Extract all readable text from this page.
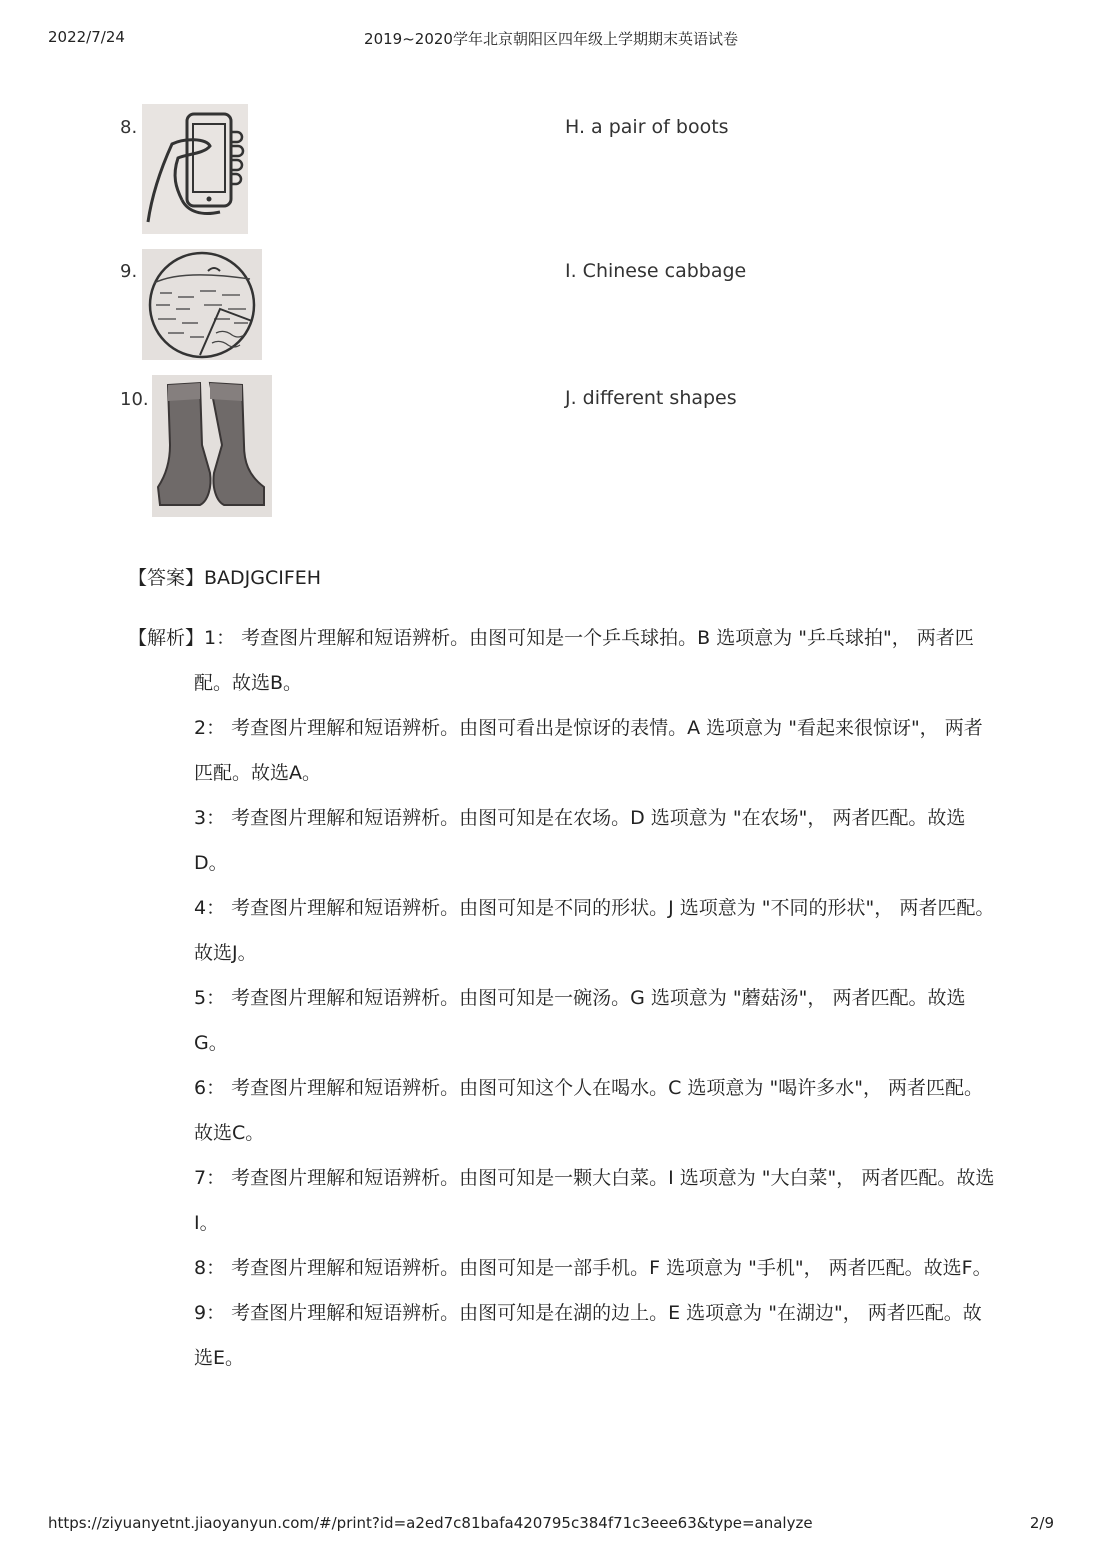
2022/7/24	2019~2020学年北京朝阳区四年级上学期期末英语试卷
8.	H. a pair of boots
9.	I. Chinese cabbage
10.	J. different shapes
【答案】BADJGCIFEH
【解析】1： 考查图片理解和短语辨析。由图可知是一个乒乓球拍。B 选项意为 "乒乓球拍"， 两者匹配。故选B。
2： 考查图片理解和短语辨析。由图可看出是惊讶的表情。A 选项意为 "看起来很惊讶"， 两者匹配。故选A。
3： 考查图片理解和短语辨析。由图可知是在农场。D 选项意为 "在农场"， 两者匹配。故选D。
4： 考查图片理解和短语辨析。由图可知是不同的形状。J 选项意为 "不同的形状"， 两者匹配。故选J。
5： 考查图片理解和短语辨析。由图可知是一碗汤。G 选项意为 "蘑菇汤"， 两者匹配。故选G。
6： 考查图片理解和短语辨析。由图可知这个人在喝水。C 选项意为 "喝许多水"， 两者匹配。故选C。
7： 考查图片理解和短语辨析。由图可知是一颗大白菜。I 选项意为 "大白菜"， 两者匹配。故选I。
8： 考查图片理解和短语辨析。由图可知是一部手机。F 选项意为 "手机"， 两者匹配。故选F。
9： 考查图片理解和短语辨析。由图可知是在湖的边上。E 选项意为 "在湖边"， 两者匹配。故选E。
https://ziyuanyetnt.jiaoyanyun.com/#/print?id=a2ed7c81bafa420795c384f71c3eee63&type=analyze	2/9
